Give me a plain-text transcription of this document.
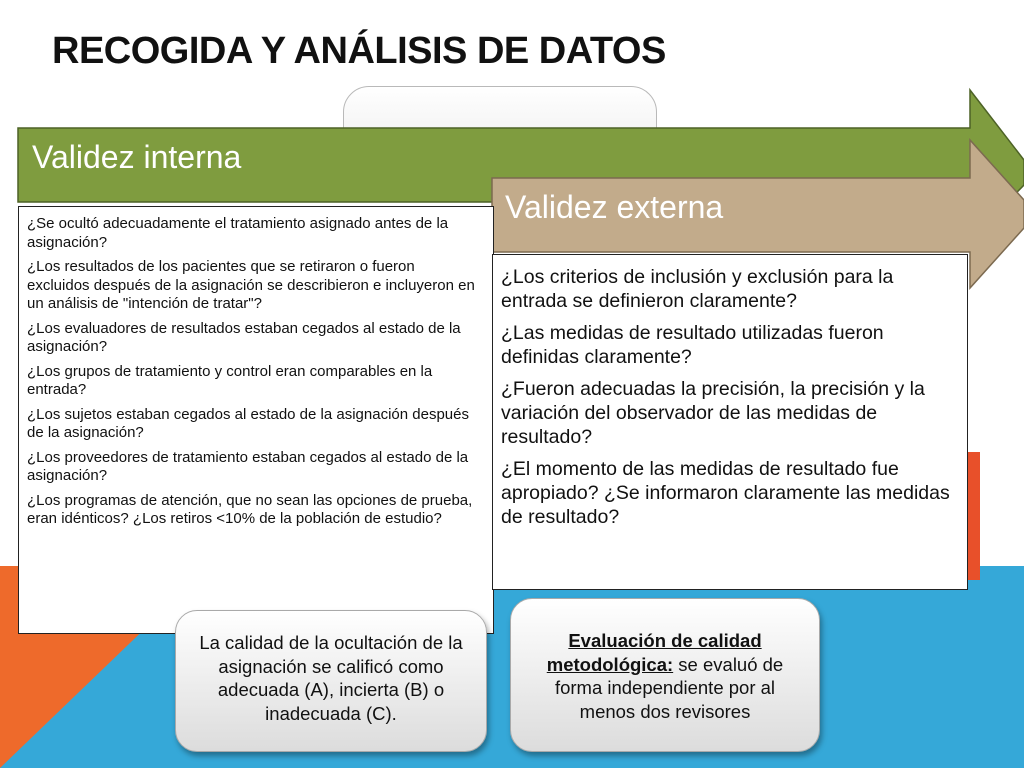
RECOGIDA Y ANÁLISIS DE DATOS
Validez interna
Validez externa

¿Se ocultó adecuadamente el tratamiento asignado antes de la asignación?

¿Los resultados de los pacientes que se retiraron o fueron excluidos después de la asignación se describieron e incluyeron en un análisis de "intención de tratar"?

¿Los evaluadores de resultados estaban cegados al estado de la asignación?

¿Los grupos de tratamiento y control eran comparables en la entrada?

¿Los sujetos estaban cegados al estado de la asignación después de la asignación?

¿Los proveedores de tratamiento estaban cegados al estado de la asignación?

¿Los programas de atención, que no sean las opciones de prueba, eran idénticos? ¿Los retiros <10% de la población de estudio?

¿Los criterios de inclusión y exclusión para la entrada se definieron claramente?

¿Las medidas de resultado utilizadas fueron definidas claramente?

¿Fueron adecuadas la precisión, la precisión y la variación del observador de las medidas de resultado?

¿El momento de las medidas de resultado fue apropiado? ¿Se informaron claramente las medidas de resultado?

La calidad de la ocultación de la asignación se calificó como adecuada (A), incierta (B) o inadecuada (C).
Evaluación de calidad metodológica: se evaluó de forma independiente por al menos dos revisores
